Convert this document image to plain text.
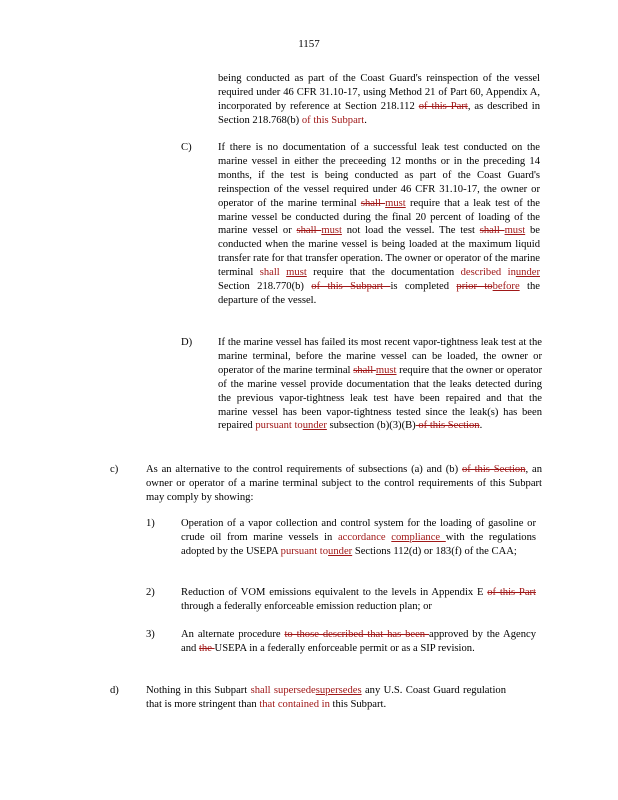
1157

being conducted as part of the Coast Guard's reinspection of the vessel required under 46 CFR 31.10-17, using Method 21 of Part 60, Appendix A, incorporated by reference at Section 218.112 of this Part, as described in Section 218.768(b) of this Subpart.

C) If there is no documentation of a successful leak test conducted on the marine vessel in either the preceeding 12 months or in the preceding 14 months, if the test is being conducted as part of the Coast Guard's reinspection of the vessel required under 46 CFR 31.10-17, the owner or operator of the marine terminal shall must require that a leak test of the marine vessel be conducted during the final 20 percent of loading of the marine vessel or shall must not load the vessel. The test shall must be conducted when the marine vessel is being loaded at the maximum liquid transfer rate for that transfer operation. The owner or operator of the marine terminal shall must require that the documentation described inunder Section 218.770(b) of this Subpart is completed prior tobefore the departure of the vessel.

D) If the marine vessel has failed its most recent vapor-tightness leak test at the marine terminal, before the marine vessel can be loaded, the owner or operator of the marine terminal shall must require that the owner or operator of the marine vessel provide documentation that the leaks detected during the previous vapor-tightness leak test have been repaired and that the marine vessel has been vapor-tightness tested since the leak(s) has been repaired pursuant tounder subsection (b)(3)(B) of this Section.

c)	As an alternative to the control requirements of subsections (a) and (b) of this Section, an owner or operator of a marine terminal subject to the control requirements of this Subpart may comply by showing:

1) Operation of a vapor collection and control system for the loading of gasoline or crude oil from marine vessels in accordance compliance with the regulations adopted by the USEPA pursuant tounder Sections 112(d) or 183(f) of the CAA;

2) Reduction of VOM emissions equivalent to the levels in Appendix E of this Part through a federally enforceable emission reduction plan; or

3) An alternate procedure to those described that has been approved by the Agency and the USEPA in a federally enforceable permit or as a SIP revision.

d)	Nothing in this Subpart shall supersedesupersedes any U.S. Coast Guard regulation that is more stringent than that contained in this Subpart.
